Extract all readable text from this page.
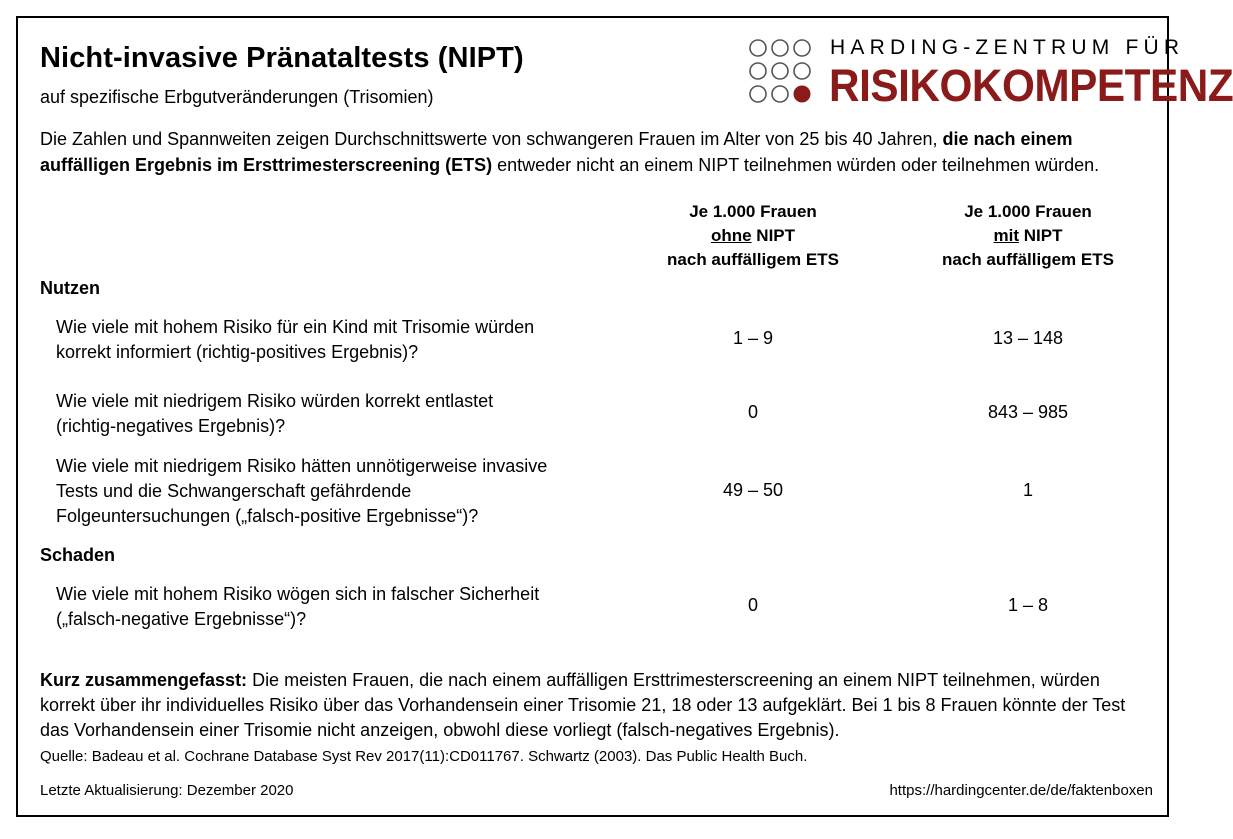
Nicht-invasive Pränataltests (NIPT)
auf spezifische Erbgutveränderungen (Trisomien)
HARDING-ZENTRUM FÜR
RISIKOKOMPETENZ
Die Zahlen und Spannweiten zeigen Durchschnittswerte von schwangeren Frauen im Alter von 25 bis 40 Jahren, die nach einem auffälligen Ergebnis im Ersttrimesterscreening (ETS) entweder nicht an einem NIPT teilnehmen würden oder teilnehmen würden.
Je 1.000 Frauen
ohne NIPT
nach auffälligem ETS
Je 1.000 Frauen
mit NIPT
nach auffälligem ETS
Nutzen
Wie viele mit hohem Risiko für ein Kind mit Trisomie würden
korrekt informiert (richtig-positives Ergebnis)?
1 – 9	13 – 148
Wie viele mit niedrigem Risiko würden korrekt entlastet
(richtig-negatives Ergebnis)?
0	843 – 985
Wie viele mit niedrigem Risiko hätten unnötigerweise invasive
Tests und die Schwangerschaft gefährdende
Folgeuntersuchungen („falsch-positive Ergebnisse“)?
49 – 50	1
Schaden
Wie viele mit hohem Risiko wögen sich in falscher Sicherheit
(„falsch-negative Ergebnisse“)?
0	1 – 8
Kurz zusammengefasst: Die meisten Frauen, die nach einem auffälligen Ersttrimesterscreening an einem NIPT teilnehmen, würden korrekt über ihr individuelles Risiko über das Vorhandensein einer Trisomie 21, 18 oder 13 aufgeklärt. Bei 1 bis 8 Frauen könnte der Test das Vorhandensein einer Trisomie nicht anzeigen, obwohl diese vorliegt (falsch-negatives Ergebnis).
Quelle: Badeau et al. Cochrane Database Syst Rev 2017(11):CD011767. Schwartz (2003). Das Public Health Buch.
Letzte Aktualisierung: Dezember 2020	https://hardingcenter.de/de/faktenboxen
